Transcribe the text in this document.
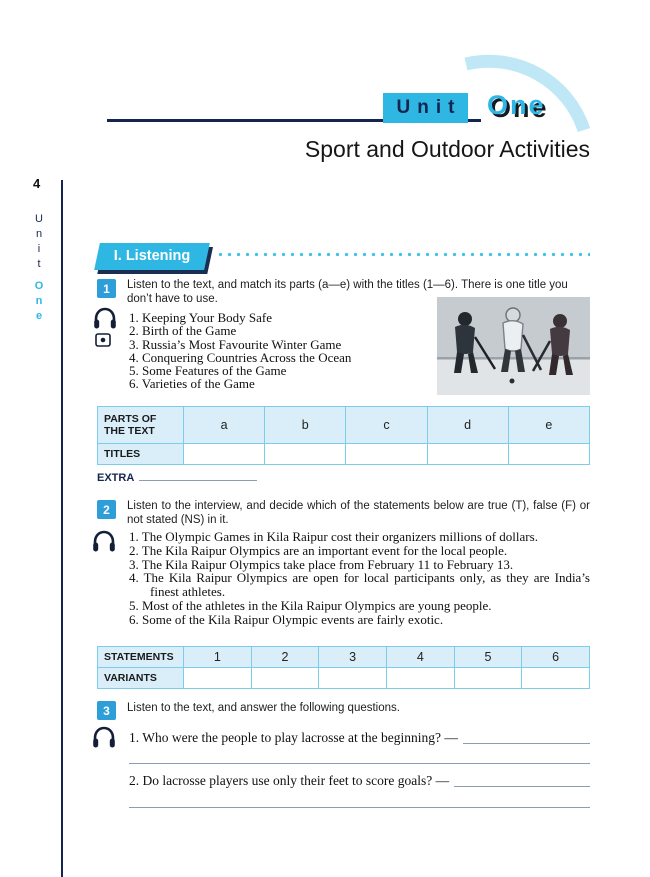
Unit One
Sport and Outdoor Activities
4
UnitOne
I. Listening
1	Listen to the text, and match its parts (a—e) with the titles (1—6). There is one title you don’t have to use.
1. Keeping Your Body Safe
2. Birth of the Game
3. Russia’s Most Favourite Winter Game
4. Conquering Countries Across the Ocean
5. Some Features of the Game
6. Varieties of the Game
PARTS OF THE TEXT	a	b	c	d	e
TITLES					
EXTRA
2	Listen to the interview, and decide which of the statements below are true (T), false (F) or not stated (NS) in it.
1. The Olympic Games in Kila Raipur cost their organizers millions of dollars.
2. The Kila Raipur Olympics are an important event for the local people.
3. The Kila Raipur Olympics take place from February 11 to February 13.
4. The Kila Raipur Olympics are open for local participants only, as they are India’s finest athletes.
5. Most of the athletes in the Kila Raipur Olympics are young people.
6. Some of the Kila Raipur Olympic events are fairly exotic.
STATEMENTS	1	2	3	4	5	6
VARIANTS						
3	Listen to the text, and answer the following questions.
1. Who were the people to play lacrosse at the beginning? —
2. Do lacrosse players use only their feet to score goals? —
